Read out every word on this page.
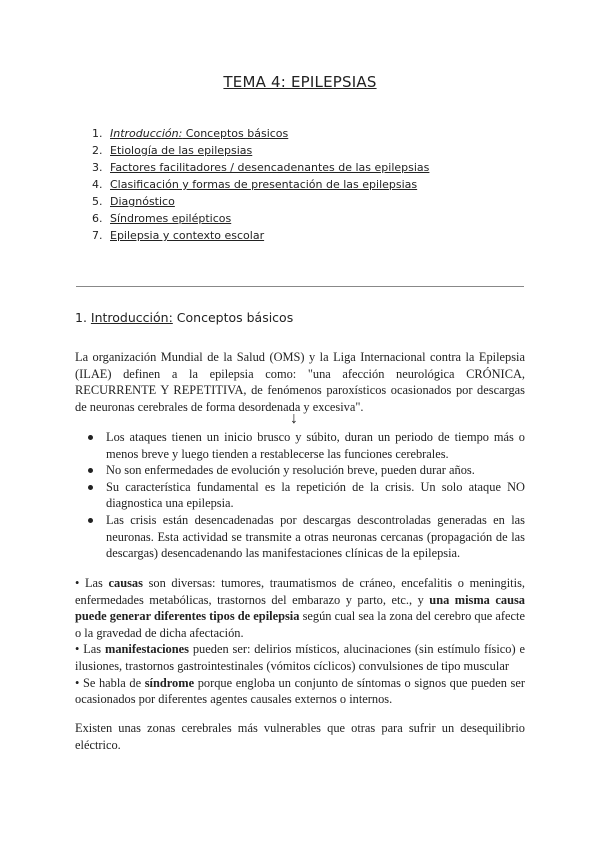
TEMA 4: EPILEPSIAS
1. Introducción: Conceptos básicos
2. Etiología de las epilepsias
3. Factores facilitadores / desencadenantes de las epilepsias
4. Clasificación y formas de presentación de las epilepsias
5. Diagnóstico
6. Síndromes epilépticos
7. Epilepsia y contexto escolar
1. Introducción: Conceptos básicos

La organización Mundial de la Salud (OMS) y la Liga Internacional contra la Epilepsia (ILAE) definen a la epilepsia como: "una afección neurológica CRÓNICA, RECURRENTE Y REPETITIVA, de fenómenos paroxísticos ocasionados por descargas de neuronas cerebrales de forma desordenada y excesiva".

↓
Los ataques tienen un inicio brusco y súbito, duran un periodo de tiempo más o menos breve y luego tienden a restablecerse las funciones cerebrales.
No son enfermedades de evolución y resolución breve, pueden durar años.
Su característica fundamental es la repetición de la crisis. Un solo ataque NO diagnostica una epilepsia.
Las crisis están desencadenadas por descargas descontroladas generadas en las neuronas. Esta actividad se transmite a otras neuronas cercanas (propagación de las descargas) desencadenando las manifestaciones clínicas de la epilepsia.
• Las causas son diversas: tumores, traumatismos de cráneo, encefalitis o meningitis, enfermedades metabólicas, trastornos del embarazo y parto, etc., y una misma causa puede generar diferentes tipos de epilepsia según cual sea la zona del cerebro que afecte o la gravedad de dicha afectación.
• Las manifestaciones pueden ser: delirios místicos, alucinaciones (sin estímulo físico) e ilusiones, trastornos gastrointestinales (vómitos cíclicos) convulsiones de tipo muscular
• Se habla de síndrome porque engloba un conjunto de síntomas o signos que pueden ser ocasionados por diferentes agentes causales externos o internos.

Existen unas zonas cerebrales más vulnerables que otras para sufrir un desequilibrio eléctrico.
